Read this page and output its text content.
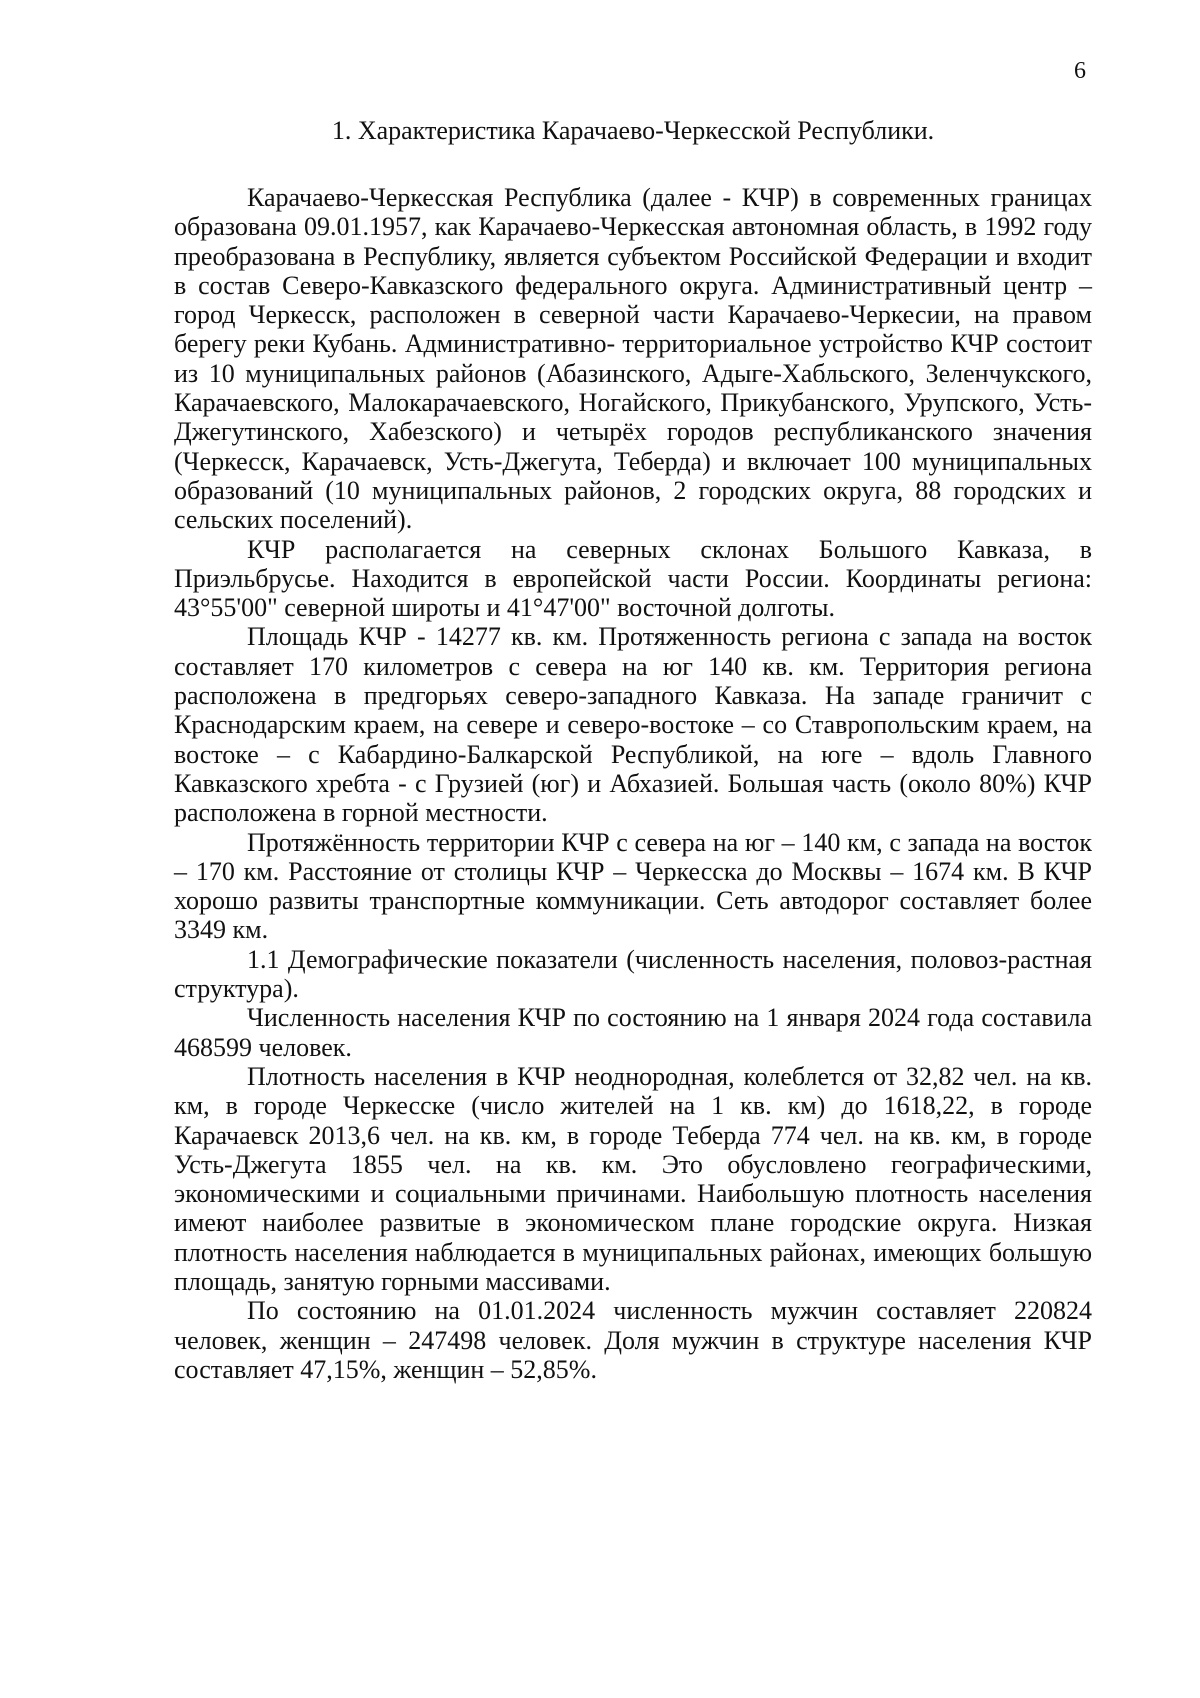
6
1. Характеристика Карачаево-Черкесской Республики.

Карачаево-Черкесская Республика (далее - КЧР) в современных границах образована 09.01.1957, как Карачаево-Черкесская автономная область, в 1992 году преобразована в Республику, является субъектом Российской Федерации и входит в состав Северо-Кавказского федерального округа. Административный центр – город Черкесск, расположен в северной части Карачаево-Черкесии, на правом берегу реки Кубань. Административно- территориальное устройство КЧР состоит из 10 муниципальных районов (Абазинского, Адыге-Хабльского, Зеленчукского, Карачаевского, Малокарачаевского, Ногайского, Прикубанского, Урупского, Усть-Джегутинского, Хабезского) и четырёх городов республиканского значения (Черкесск, Карачаевск, Усть-Джегута, Теберда) и включает 100 муниципальных образований (10 муниципальных районов, 2 городских округа, 88 городских и сельских поселений).

КЧР располагается на северных склонах Большого Кавказа, в Приэльбрусье. Находится в европейской части России. Координаты региона: 43°55'00" северной широты и 41°47'00" восточной долготы.

Площадь КЧР - 14277 кв. км. Протяженность региона с запада на восток составляет 170 километров с севера на юг 140 кв. км. Территория региона расположена в предгорьях северо-западного Кавказа. На западе граничит с Краснодарским краем, на севере и северо-востоке – со Ставропольским краем, на востоке – с Кабардино-Балкарской Республикой, на юге – вдоль Главного Кавказского хребта - с Грузией (юг) и Абхазией. Большая часть (около 80%) КЧР расположена в горной местности.

Протяжённость территории КЧР с севера на юг – 140 км, с запада на восток – 170 км. Расстояние от столицы КЧР – Черкесска до Москвы – 1674 км. В КЧР хорошо развиты транспортные коммуникации. Сеть автодорог составляет более 3349 км.

1.1 Демографические показатели (численность населения, половоз-растная структура).

Численность населения КЧР по состоянию на 1 января 2024 года составила 468599 человек.

Плотность населения в КЧР неоднородная, колеблется от 32,82 чел. на кв. км, в городе Черкесске (число жителей на 1 кв. км) до 1618,22, в городе Карачаевск 2013,6 чел. на кв. км, в городе Теберда 774 чел. на кв. км, в городе Усть-Джегута 1855 чел. на кв. км. Это обусловлено географическими, экономическими и социальными причинами. Наибольшую плотность населения имеют наиболее развитые в экономическом плане городские округа. Низкая плотность населения наблюдается в муниципальных районах, имеющих большую площадь, занятую горными массивами.

По состоянию на 01.01.2024 численность мужчин составляет 220824 человек, женщин – 247498 человек. Доля мужчин в структуре населения КЧР составляет 47,15%, женщин – 52,85%.
